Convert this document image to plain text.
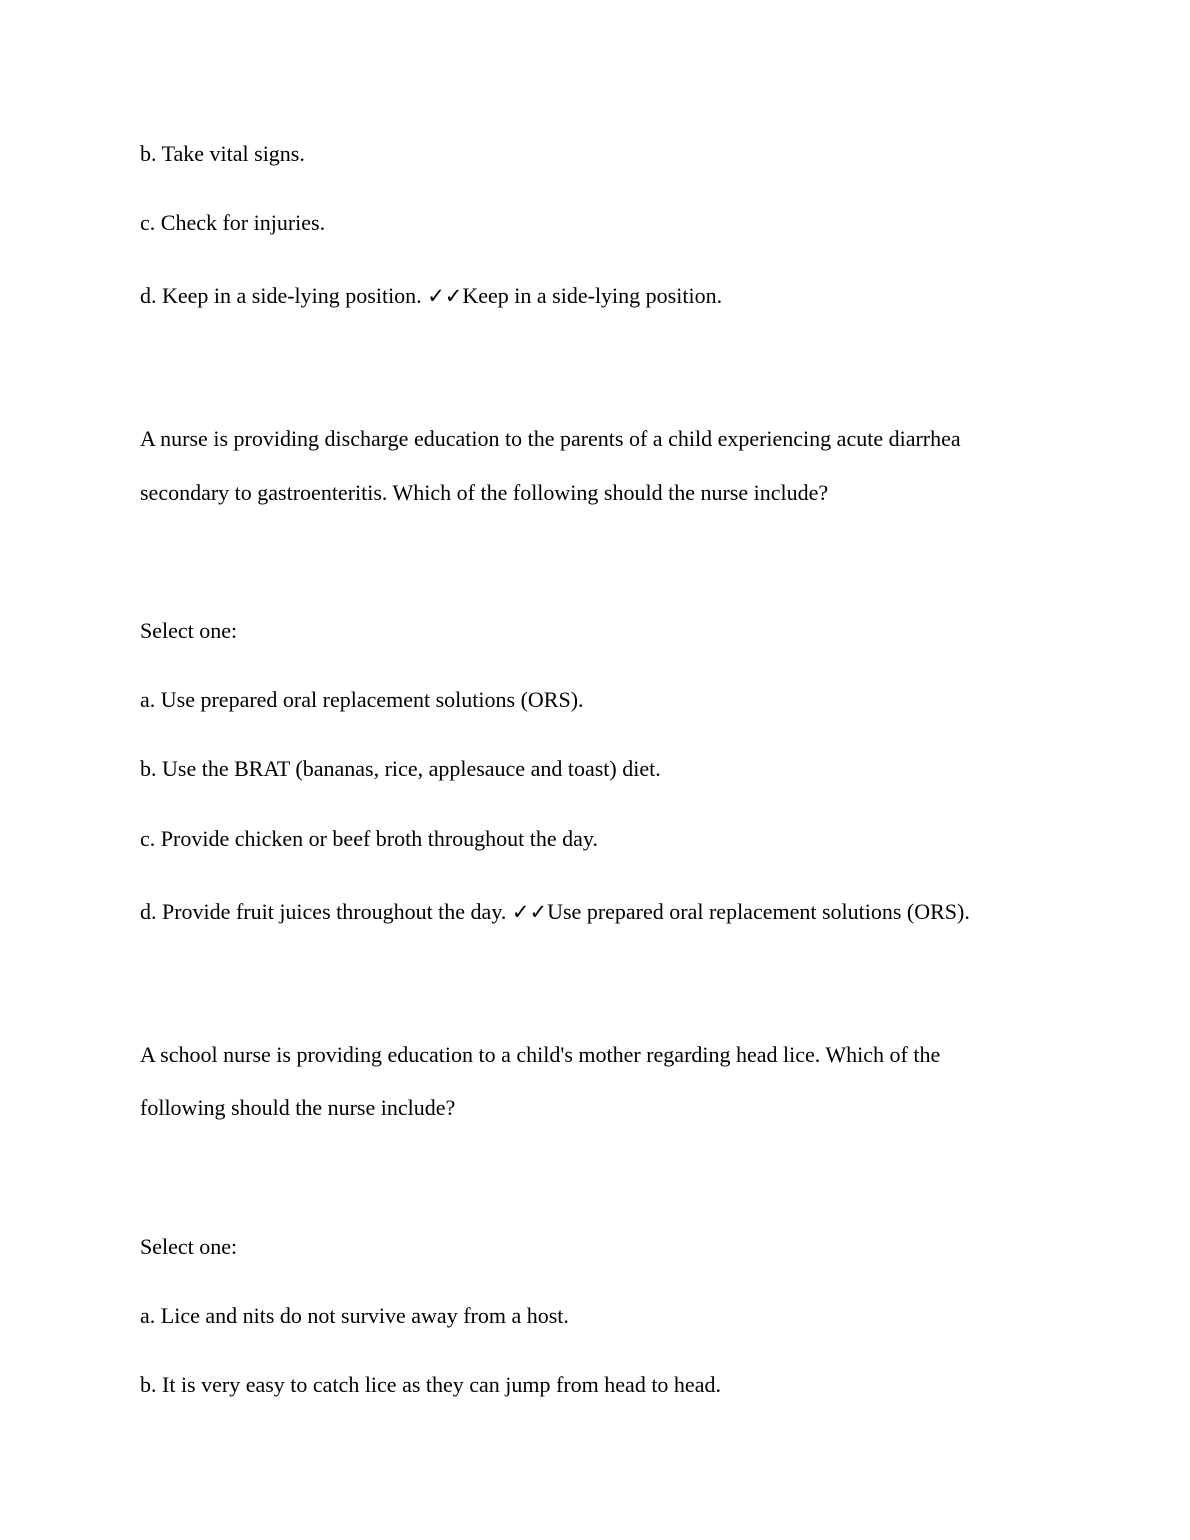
b. Take vital signs.
c. Check for injuries.
d. Keep in a side-lying position. ✓✓Keep in a side-lying position.
A nurse is providing discharge education to the parents of a child experiencing acute diarrhea
secondary to gastroenteritis. Which of the following should the nurse include?
Select one:
a. Use prepared oral replacement solutions (ORS).
b. Use the BRAT (bananas, rice, applesauce and toast) diet.
c. Provide chicken or beef broth throughout the day.
d. Provide fruit juices throughout the day. ✓✓Use prepared oral replacement solutions (ORS).
A school nurse is providing education to a child's mother regarding head lice. Which of the
following should the nurse include?
Select one:
a. Lice and nits do not survive away from a host.
b. It is very easy to catch lice as they can jump from head to head.
